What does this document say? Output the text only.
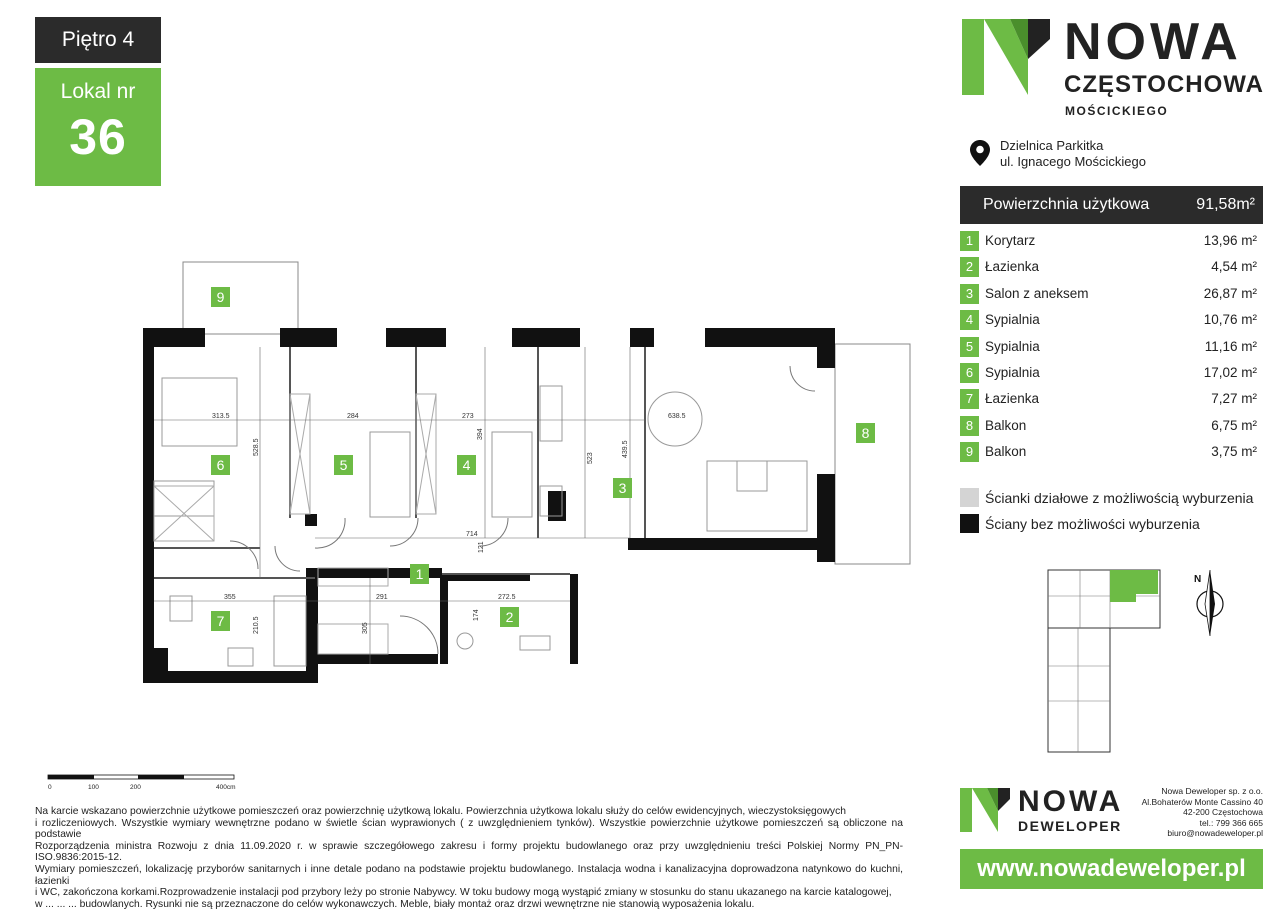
Piętro 4
Lokal nr
36
NOWA
CZĘSTOCHOWA
MOŚCICKIEGO
Dzielnica Parkitka
ul. Ignacego Mościckiego
Powierzchnia użytkowa	91,58m²
1 Korytarz	13,96 m²
2 Łazienka	4,54 m²
3 Salon z aneksem	26,87 m²
4 Sypialnia	10,76 m²
5 Sypialnia	11,16 m²
6 Sypialnia	17,02 m²
7 Łazienka	7,27 m²
8 Balkon	6,75 m²
9 Balkon	3,75 m²
Ścianki działowe z możliwością wyburzenia
Ściany bez możliwości wyburzenia
313.5	284	273	638.5
528.5
394
523
439.5
714
121
355	291	272.5
305
174
210.5
9
8
6	5	4
3
1
7	2
N
0	100	200	400cm
Na karcie wskazano powierzchnie użytkowe pomieszczeń oraz powierzchnię użytkową lokalu. Powierzchnia użytkowa lokalu służy do celów ewidencyjnych, wieczystoksięgowych
i rozliczeniowych. Wszystkie wymiary wewnętrzne podano w świetle ścian wyprawionych ( z uwzględnieniem tynków). Wszystkie powierzchnie użytkowe pomieszczeń są obliczone na podstawie
Rozporządzenia ministra Rozwoju z dnia 11.09.2020 r. w sprawie szczegółowego zakresu i formy projektu budowlanego oraz przy uwzględnieniu treści Polskiej Normy PN_PN-ISO.9836:2015-12.
Wymiary pomieszczeń, lokalizację przyborów sanitarnych i inne detale podano na podstawie projektu budowlanego. Instalacja wodna i kanalizacyjna doprowadzona natynkowo do kuchni, łazienki
i WC, zakończona korkami.Rozprowadzenie instalacji pod przybory leży po stronie Nabywcy. W toku budowy mogą wystąpić zmiany w stosunku do stanu ukazanego na karcie katalogowej,
w ... ... ... budowlanych. Rysunki nie są przeznaczone do celów wykonawczych. Meble, biały montaż oraz drzwi wewnętrzne nie stanowią wyposażenia lokalu.
NOWA
DEWELOPER
Nowa Deweloper sp. z o.o.
Al.Bohaterów Monte Cassino 40
42-200 Częstochowa
tel.: 799 366 665
biuro@nowadeweloper.pl
www.nowadeweloper.pl
